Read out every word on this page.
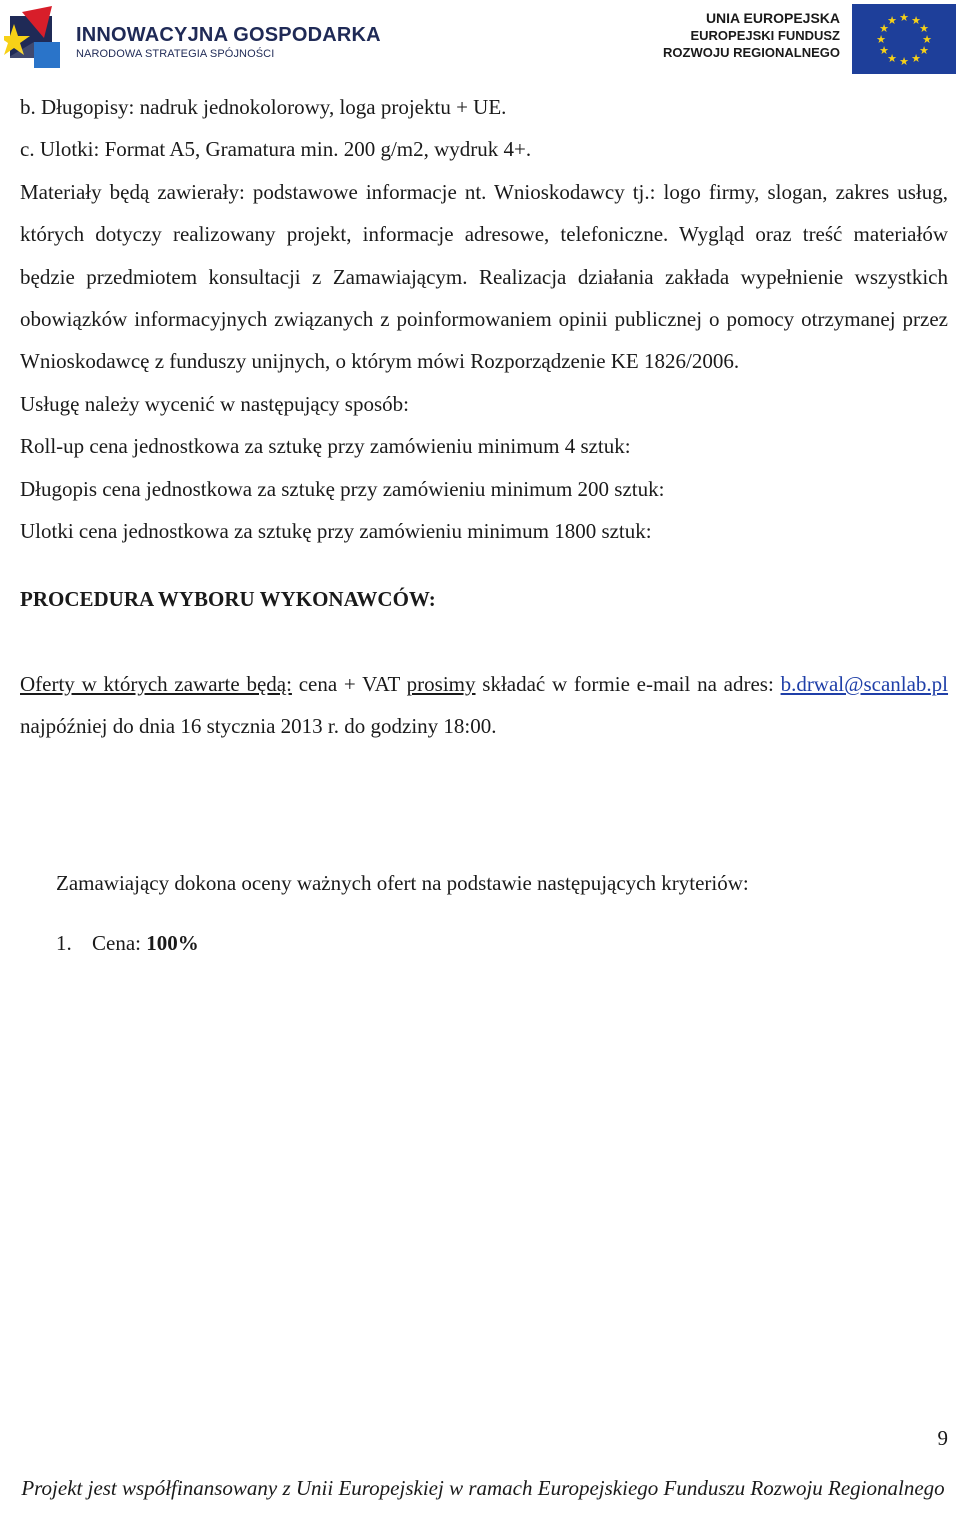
INNOWACYJNA GOSPODARKA
NARODOWA STRATEGIA SPÓJNOŚCI
UNIA EUROPEJSKA
EUROPEJSKI FUNDUSZ
ROZWOJU REGIONALNEGO
★ ★
★
★
★
★
★
★
★
★
★
★

b. Długopisy: nadruk jednokolorowy, loga projektu + UE.

c. Ulotki: Format A5, Gramatura min. 200 g/m2, wydruk 4+.

Materiały będą zawierały: podstawowe informacje nt. Wnioskodawcy tj.: logo firmy, slogan, zakres usług, których dotyczy realizowany projekt, informacje adresowe, telefoniczne. Wygląd oraz treść materiałów będzie przedmiotem konsultacji z Zamawiającym. Realizacja działania zakłada wypełnienie wszystkich obowiązków informacyjnych związanych z poinformowaniem opinii publicznej o pomocy otrzymanej przez Wnioskodawcę z funduszy unijnych, o którym mówi Rozporządzenie KE 1826/2006.

Usługę należy wycenić w następujący sposób:

Roll-up cena jednostkowa za sztukę przy zamówieniu minimum 4 sztuk:

Długopis cena jednostkowa za sztukę przy zamówieniu minimum 200 sztuk:

Ulotki cena jednostkowa za sztukę przy zamówieniu minimum 1800 sztuk:

PROCEDURA WYBORU WYKONAWCÓW:

Oferty w których zawarte będą: cena + VAT prosimy składać w formie e-mail na adres: b.drwal@scanlab.pl najpóźniej do dnia 16 stycznia 2013 r. do godziny 18:00.

Zamawiający dokona oceny ważnych ofert na podstawie następujących kryteriów:

1. Cena: 100%

9
Projekt jest współfinansowany z Unii Europejskiej w ramach Europejskiego Funduszu Rozwoju Regionalnego
